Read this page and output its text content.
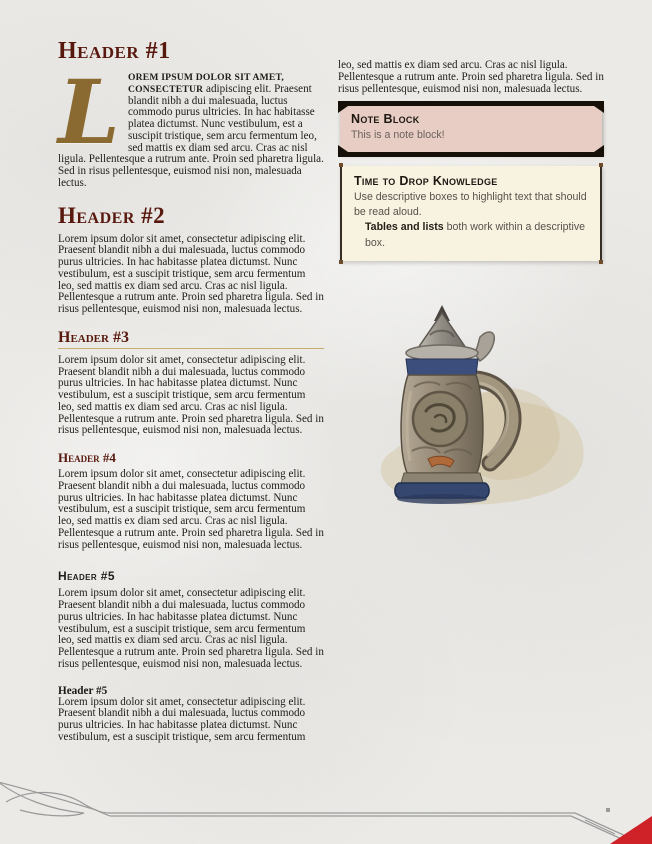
Header #1

LOREM IPSUM DOLOR SIT AMET, CONSECTETUR adipiscing elit. Praesent blandit nibh a dui malesuada, luctus commodo purus ultricies. In hac habitasse platea dictumst. Nunc vestibulum, est a suscipit tristique, sem arcu fermentum leo, sed mattis ex diam sed arcu. Cras ac nisl ligula. Pellentesque a rutrum ante. Proin sed pharetra ligula. Sed in risus pellentesque, euismod nisi non, malesuada lectus.

Header #2

Lorem ipsum dolor sit amet, consectetur adipiscing elit. Praesent blandit nibh a dui malesuada, luctus commodo purus ultricies. In hac habitasse platea dictumst. Nunc vestibulum, est a suscipit tristique, sem arcu fermentum leo, sed mattis ex diam sed arcu. Cras ac nisl ligula. Pellentesque a rutrum ante. Proin sed pharetra ligula. Sed in risus pellentesque, euismod nisi non, malesuada lectus.

Header #3

Lorem ipsum dolor sit amet, consectetur adipiscing elit. Praesent blandit nibh a dui malesuada, luctus commodo purus ultricies. In hac habitasse platea dictumst. Nunc vestibulum, est a suscipit tristique, sem arcu fermentum leo, sed mattis ex diam sed arcu. Cras ac nisl ligula. Pellentesque a rutrum ante. Proin sed pharetra ligula. Sed in risus pellentesque, euismod nisi non, malesuada lectus.

Header #4

Lorem ipsum dolor sit amet, consectetur adipiscing elit. Praesent blandit nibh a dui malesuada, luctus commodo purus ultricies. In hac habitasse platea dictumst. Nunc vestibulum, est a suscipit tristique, sem arcu fermentum leo, sed mattis ex diam sed arcu. Cras ac nisl ligula. Pellentesque a rutrum ante. Proin sed pharetra ligula. Sed in risus pellentesque, euismod nisi non, malesuada lectus.

Header #5

Lorem ipsum dolor sit amet, consectetur adipiscing elit. Praesent blandit nibh a dui malesuada, luctus commodo purus ultricies. In hac habitasse platea dictumst. Nunc vestibulum, est a suscipit tristique, sem arcu fermentum leo, sed mattis ex diam sed arcu. Cras ac nisl ligula. Pellentesque a rutrum ante. Proin sed pharetra ligula. Sed in risus pellentesque, euismod nisi non, malesuada lectus.

Header #5

Lorem ipsum dolor sit amet, consectetur adipiscing elit. Praesent blandit nibh a dui malesuada, luctus commodo purus ultricies. In hac habitasse platea dictumst. Nunc vestibulum, est a suscipit tristique, sem arcu fermentum

leo, sed mattis ex diam sed arcu. Cras ac nisl ligula. Pellentesque a rutrum ante. Proin sed pharetra ligula. Sed in risus pellentesque, euismod nisi non, malesuada lectus.

Note Block

This is a note block!

Time to Drop Knowledge

Use descriptive boxes to highlight text that should be read aloud.

Tables and lists both work within a descriptive box.
